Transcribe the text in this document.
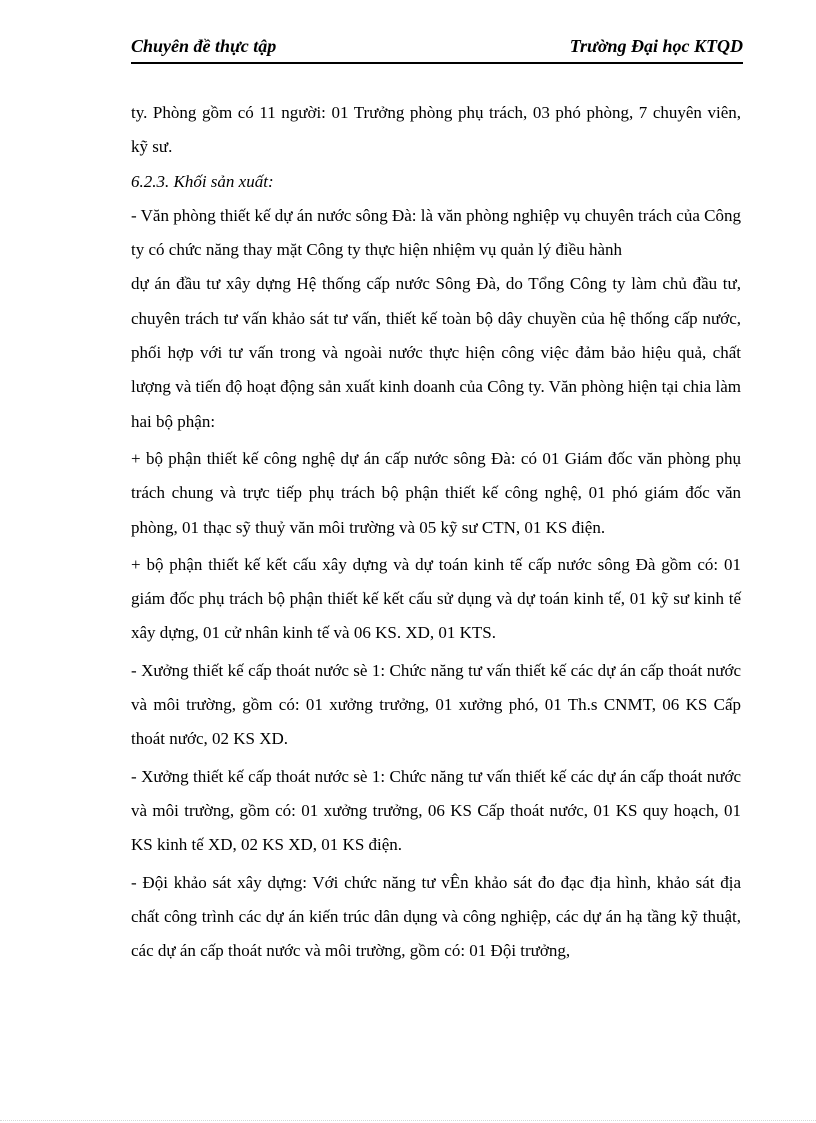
Chuyên đề thực tập	Trường Đại học KTQD

ty. Phòng gồm có 11 người: 01 Trưởng phòng phụ trách, 03 phó phòng, 7 chuyên viên, kỹ sư.

6.2.3. Khối sản xuất:

- Văn phòng thiết kế dự án nước sông Đà: là văn phòng nghiệp vụ chuyên trách của Công ty có chức năng thay mặt Công ty thực hiện nhiệm vụ quản lý điều hành

dự án đầu tư xây dựng Hệ thống cấp nước Sông Đà, do Tổng Công ty làm chủ đầu tư, chuyên trách tư vấn khảo sát tư vấn, thiết kế toàn bộ dây chuyền của hệ thống cấp nước, phối hợp với tư vấn trong và ngoài nước thực hiện công việc đảm bảo hiệu quả, chất lượng và tiến độ hoạt động sản xuất kinh doanh của Công ty. Văn phòng hiện tại chia làm hai bộ phận:

+ bộ phận thiết kế công nghệ dự án cấp nước sông Đà: có 01 Giám đốc văn phòng phụ trách chung và trực tiếp phụ trách bộ phận thiết kế công nghệ, 01 phó giám đốc văn phòng, 01 thạc sỹ thuỷ văn môi trường và 05 kỹ sư CTN, 01 KS điện.

+ bộ phận thiết kế kết cấu xây dựng và dự toán kinh tế cấp nước sông Đà gồm có: 01 giám đốc phụ trách bộ phận thiết kế kết cấu sử dụng và dự toán kinh tế, 01 kỹ sư kinh tế xây dựng, 01 cử nhân kinh tế và 06 KS. XD, 01 KTS.

- Xưởng thiết kế cấp thoát nước sè 1: Chức năng tư vấn thiết kế các dự án cấp thoát nước và môi trường, gồm có: 01 xưởng trưởng, 01 xưởng phó, 01 Th.s CNMT, 06 KS Cấp thoát nước, 02 KS XD.

- Xưởng thiết kế cấp thoát nước sè 1: Chức năng tư vấn thiết kế các dự án cấp thoát nước và môi trường, gồm có: 01 xưởng trưởng, 06 KS Cấp thoát nước, 01 KS quy hoạch, 01 KS kinh tế XD, 02 KS XD, 01 KS điện.

- Đội khảo sát xây dựng: Với chức năng tư vÊn khảo sát đo đạc địa hình, khảo sát địa chất công trình các dự án kiến trúc dân dụng và công nghiệp, các dự án hạ tầng kỹ thuật, các dự án cấp thoát nước và môi trường, gồm có: 01 Đội trưởng,
